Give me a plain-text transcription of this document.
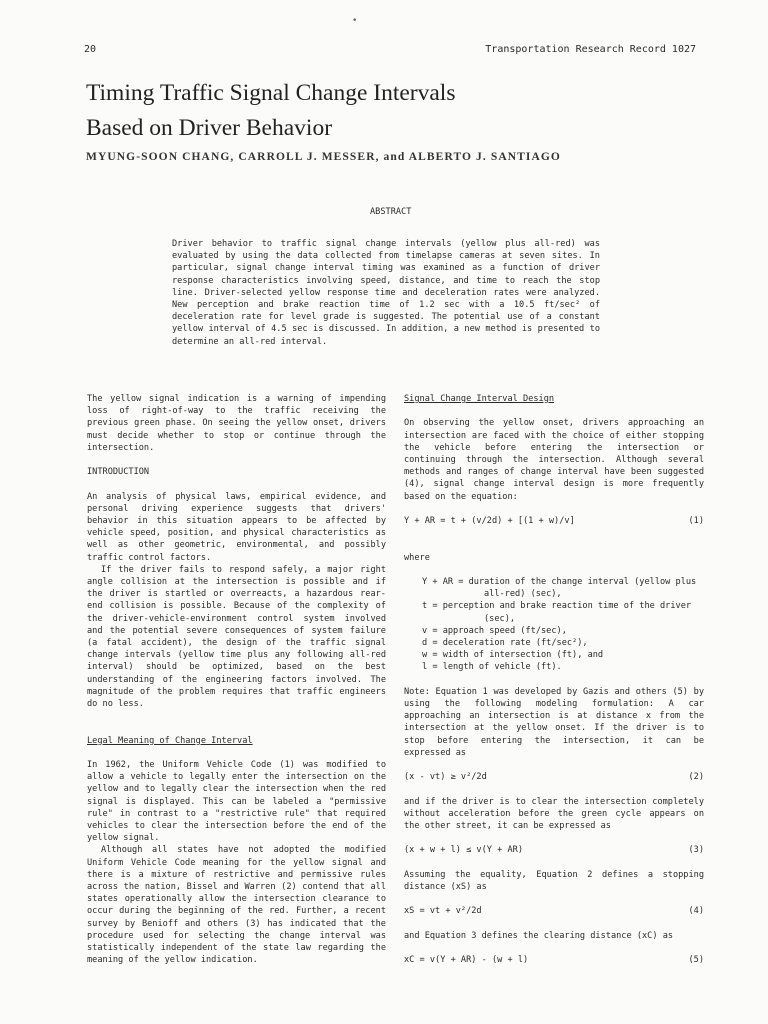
•
20	Transportation Research Record 1027
Timing Traffic Signal Change Intervals
Based on Driver Behavior
MYUNG-SOON CHANG, CARROLL J. MESSER, and ALBERTO J. SANTIAGO
ABSTRACT
Driver behavior to traffic signal change intervals (yellow plus all-red) was evaluated by using the data collected from timelapse cameras at seven sites. In particular, signal change interval timing was examined as a function of driver response characteristics involving speed, distance, and time to reach the stop line. Driver-selected yellow response time and deceleration rates were analyzed. New perception and brake reaction time of 1.2 sec with a 10.5 ft/sec² of deceleration rate for level grade is suggested. The potential use of a constant yellow interval of 4.5 sec is discussed. In addition, a new method is presented to determine an all-red interval.

The yellow signal indication is a warning of impending loss of right-of-way to the traffic receiving the previous green phase. On seeing the yellow onset, drivers must decide whether to stop or continue through the intersection.

INTRODUCTION

An analysis of physical laws, empirical evidence, and personal driving experience suggests that drivers' behavior in this situation appears to be affected by vehicle speed, position, and physical characteristics as well as other geometric, environmental, and possibly traffic control factors.

If the driver fails to respond safely, a major right angle collision at the intersection is possible and if the driver is startled or overreacts, a hazardous rear-end collision is possible. Because of the complexity of the driver-vehicle-environment control system involved and the potential severe consequences of system failure (a fatal accident), the design of the traffic signal change intervals (yellow time plus any following all-red interval) should be optimized, based on the best understanding of the engineering factors involved. The magnitude of the problem requires that traffic engineers do no less.

Legal Meaning of Change Interval

In 1962, the Uniform Vehicle Code (1) was modified to allow a vehicle to legally enter the intersection on the yellow and to legally clear the intersection when the red signal is displayed. This can be labeled a "permissive rule" in contrast to a "restrictive rule" that required vehicles to clear the intersection before the end of the yellow signal.

Although all states have not adopted the modified Uniform Vehicle Code meaning for the yellow signal and there is a mixture of restrictive and permissive rules across the nation, Bissel and Warren (2) contend that all states operationally allow the intersection clearance to occur during the beginning of the red. Further, a recent survey by Benioff and others (3) has indicated that the procedure used for selecting the change interval was statistically independent of the state law regarding the meaning of the yellow indication.

Signal Change Interval Design

On observing the yellow onset, drivers approaching an intersection are faced with the choice of either stopping the vehicle before entering the intersection or continuing through the intersection. Although several methods and ranges of change interval have been suggested (4), signal change interval design is more frequently based on the equation:

Y + AR = t + (v/2d) + [(1 + w)/v]	(1)

where

Y + AR = duration of the change interval (yellow plus all-red) (sec),
t = perception and brake reaction time of the driver (sec),
v = approach speed (ft/sec),
d = deceleration rate (ft/sec²),
w = width of intersection (ft), and
l = length of vehicle (ft).

Note: Equation 1 was developed by Gazis and others (5) by using the following modeling formulation: A car approaching an intersection is at distance x from the intersection at the yellow onset. If the driver is to stop before entering the intersection, it can be expressed as

(x - vt) ≥ v²/2d	(2)

and if the driver is to clear the intersection completely without acceleration before the green cycle appears on the other street, it can be expressed as

(x + w + l) ≤ v(Y + AR)	(3)

Assuming the equality, Equation 2 defines a stopping distance (xS) as

xS = vt + v²/2d	(4)

and Equation 3 defines the clearing distance (xC) as

xC = v(Y + AR) - (w + l)	(5)
